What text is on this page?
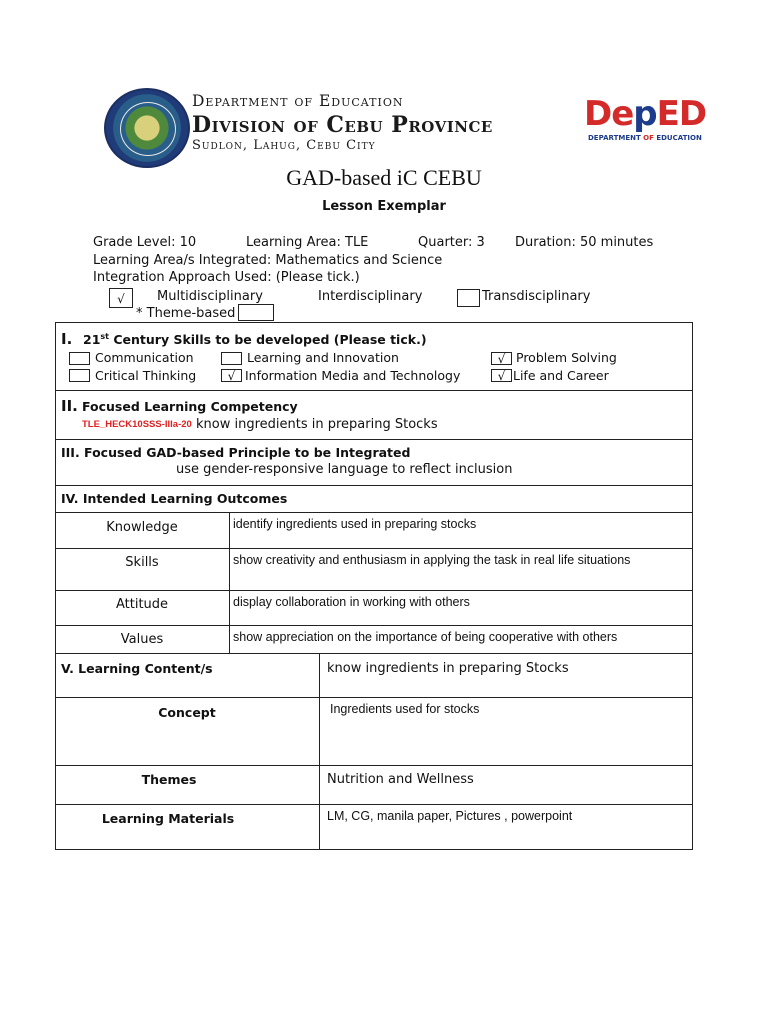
Department of Education
Division of Cebu Province
Sudlon, Lahug, Cebu City
DepED
DEPARTMENT OF EDUCATION
GAD-based iC CEBU
Lesson Exemplar
Grade Level: 10	Learning Area: TLE	Quarter: 3 Duration: 50 minutes
Learning Area/s Integrated: Mathematics and Science
Integration Approach Used: (Please tick.)
√	Multidisciplinary	Interdisciplinary	Transdisciplinary
* Theme-based
I. 21st Century Skills to be developed (Please tick.)
Communication	Learning and Innovation	√ Problem Solving
Critical Thinking	√ Information Media and Technology	√ Life and Career
II. Focused Learning Competency
TLE_HECK10SSS-IIIa-20 know ingredients in preparing Stocks
III. Focused GAD-based Principle to be Integrated
use gender-responsive language to reflect inclusion
IV. Intended Learning Outcomes
Knowledge	identify ingredients used in preparing stocks
Skills	show creativity and enthusiasm in applying the task in real life situations
Attitude	display collaboration in working with others
Values	show appreciation on the importance of being cooperative with others
V. Learning Content/s	know ingredients in preparing Stocks
Concept	Ingredients used for stocks
Themes	Nutrition and Wellness
Learning Materials	LM, CG, manila paper, Pictures , powerpoint
